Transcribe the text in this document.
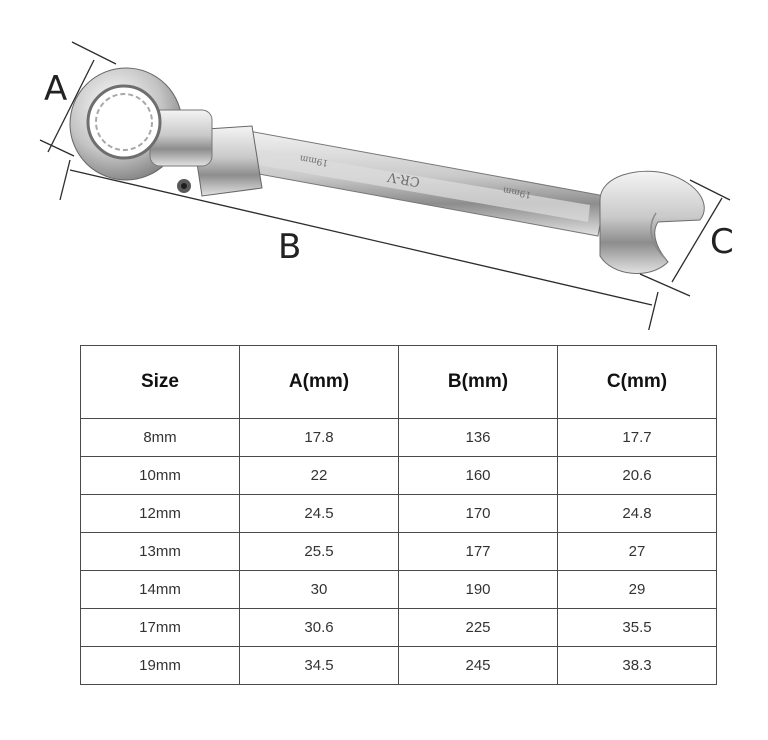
CR-V
19mm
19mm
A
B	C
Size	A(mm)	B(mm)	C(mm)
8mm	17.8	136	17.7
10mm	22	160	20.6
12mm	24.5	170	24.8
13mm	25.5	177	27
14mm	30	190	29
17mm	30.6	225	35.5
19mm	34.5	245	38.3
